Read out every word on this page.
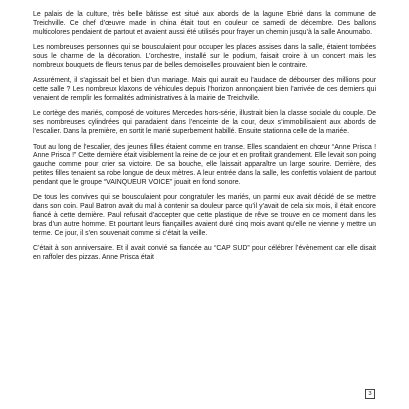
Le palais de la culture, très belle bâtisse est situé aux abords de la lagune Ebrié dans la commune de Treichville. Ce chef d’œuvre made in china était tout en couleur ce samedi de décembre. Des ballons multicolores pendaient de partout et avaient aussi été utilisés pour frayer un chemin jusqu’à la salle Anoumabo.

Les nombreuses personnes qui se bousculaient pour occuper les places assises dans la salle, étaient tombées sous le charme de la décoration. L’orchestre, installé sur le podium, faisait croire à un concert mais les nombreux bouquets de fleurs tenus par de belles demoiselles prouvaient bien le contraire.

Assurément, il s’agissait bel et bien d’un mariage. Mais qui aurait eu l’audace de débourser des millions pour cette salle ? Les nombreux klaxons de véhicules depuis l’horizon annonçaient bien l’arrivée de ces derniers qui venaient de remplir les formalités administratives à la mairie de Treichville.

Le cortège des mariés, composé de voitures Mercedes hors-série, illustrait bien la classe sociale du couple. De ses nombreuses cylindrées qui paradaient dans l’enceinte de la cour, deux s’immobilisaient aux abords de l’escalier. Dans la première, en sortit le marié superbement habillé. Ensuite stationna celle de la mariée.

Tout au long de l’escalier, des jeunes filles étaient comme en transe. Elles scandaient en chœur “Anne Prisca ! Anne Prisca !” Cette dernière était visiblement la reine de ce jour et en profitait grandement. Elle levait son poing gauche comme pour crier sa victoire. De sa bouche, elle laissait apparaître un large sourire. Derrière, des petites filles tenaient sa robe longue de deux mètres. A leur entrée dans la salle, les confettis volaient de partout pendant que le groupe “VAINQUEUR VOICE” jouait en fond sonore.

De tous les convives qui se bousculaient pour congratuler les mariés, un parmi eux avait décidé de se mettre dans son coin. Paul Batron avait du mal à contenir sa douleur parce qu’il y’avait de cela six mois, il était encore fiancé à cette dernière. Paul refusait d’accepter que cette plastique de rêve se trouve en ce moment dans les bras d’un autre homme. Et pourtant leurs fiançailles avaient duré cinq mois avant qu’elle ne vienne y mettre un terme. Ce jour, il s’en souvenait comme si c’était la veille.

C’était à son anniversaire. Et il avait convié sa fiancée au “CAP SUD” pour célébrer l’évènement car elle disait en raffoler des pizzas. Anne Prisca était

3
